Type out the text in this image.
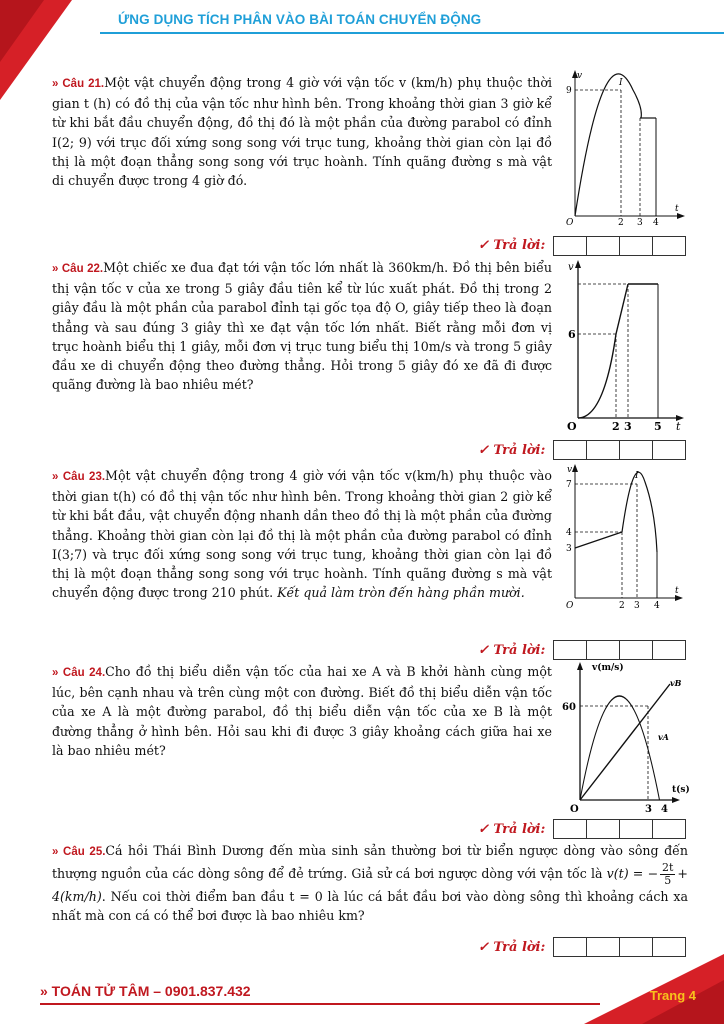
ỨNG DỤNG TÍCH PHÂN VÀO BÀI TOÁN CHUYỂN ĐỘNG

» Câu 21.Một vật chuyển động trong 4 giờ với vận tốc v (km/h) phụ thuộc thời gian t (h) có đồ thị của vận tốc như hình bên. Trong khoảng thời gian 3 giờ kể từ khi bắt đầu chuyển động, đồ thị đó là một phần của đường parabol có đỉnh I(2; 9) với trục đối xứng song song với trục tung, khoảng thời gian còn lại đồ thị là một đoạn thẳng song song với trục hoành. Tính quãng đường s mà vật di chuyển được trong 4 giờ đó.

v
t
O
I
9
2 3 4
✓ Trả lời:

» Câu 22.Một chiếc xe đua đạt tới vận tốc lớn nhất là 360km/h. Đồ thị bên biểu thị vận tốc v của xe trong 5 giây đầu tiên kể từ lúc xuất phát. Đồ thị trong 2 giây đầu là một phần của parabol đỉnh tại gốc tọa độ O, giây tiếp theo là đoạn thẳng và sau đúng 3 giây thì xe đạt vận tốc lớn nhất. Biết rằng mỗi đơn vị trục hoành biểu thị 1 giây, mỗi đơn vị trục tung biểu thị 10m/s và trong 5 giây đầu xe di chuyển động theo đường thẳng. Hỏi trong 5 giây đó xe đã đi được quãng đường là bao nhiêu mét?

v
t
O
6
2 3 5
✓ Trả lời:

» Câu 23.Một vật chuyển động trong 4 giờ với vận tốc v(km/h) phụ thuộc vào thời gian t(h) có đồ thị vận tốc như hình bên. Trong khoảng thời gian 2 giờ kể từ khi bắt đầu, vật chuyển động nhanh dần theo đồ thị là một phần của đường thẳng. Khoảng thời gian còn lại đồ thị là một phần của đường parabol có đỉnh I(3;7) và trục đối xứng song song với trục tung, khoảng thời gian còn lại đồ thị là một đoạn thẳng song song với trục hoành. Tính quãng đường s mà vật chuyển động được trong 210 phút. Kết quả làm tròn đến hàng phần mười.

v
t
O
I
7
4
3
2 3 4
✓ Trả lời:

» Câu 24.Cho đồ thị biểu diễn vận tốc của hai xe A và B khởi hành cùng một lúc, bên cạnh nhau và trên cùng một con đường. Biết đồ thị biểu diễn vận tốc của xe A là một đường parabol, đồ thị biểu diễn vận tốc của xe B là một đường thẳng ở hình bên. Hỏi sau khi đi được 3 giây khoảng cách giữa hai xe là bao nhiêu mét?

v(m/s)
t(s)
O
60
3 4
vB
vA
✓ Trả lời:

» Câu 25.Cá hồi Thái Bình Dương đến mùa sinh sản thường bơi từ biển ngược dòng vào sông đến thượng nguồn của các dòng sông để đẻ trứng. Giả sử cá bơi ngược dòng với vận tốc là v(t) = − $\frac{2t}{5} + 4(km/h)$. Nếu coi thời điểm ban đầu t = 0 là lúc cá bắt đầu bơi vào dòng sông thì khoảng cách xa nhất mà con cá có thể bơi được là bao nhiêu km?

✓ Trả lời:
» TOÁN TỬ TÂM – 0901.837.432	Trang 4
